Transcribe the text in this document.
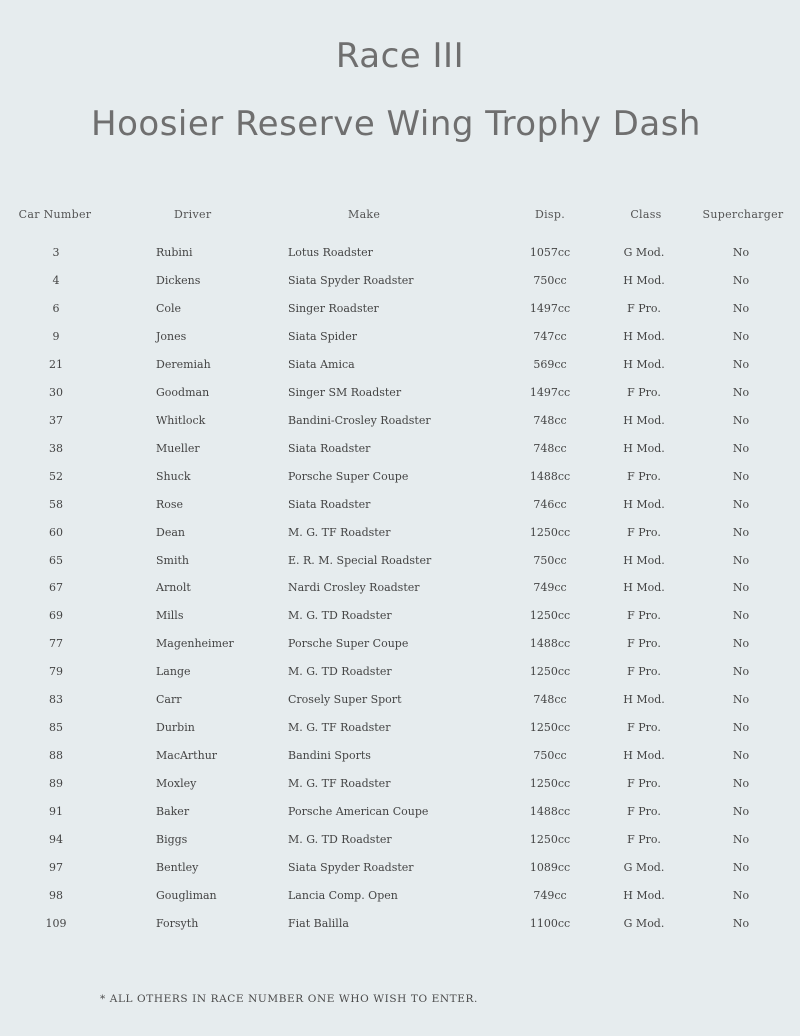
Race III
Hoosier Reserve Wing Trophy Dash
Car Number	Driver	Make	Disp.	Class	Supercharger
3	Rubini	Lotus Roadster	1057cc	G Mod.	No
4	Dickens	Siata Spyder Roadster	750cc	H Mod.	No
6	Cole	Singer Roadster	1497cc	F Pro.	No
9	Jones	Siata Spider	747cc	H Mod.	No
21	Deremiah	Siata Amica	569cc	H Mod.	No
30	Goodman	Singer SM Roadster	1497cc	F Pro.	No
37	Whitlock	Bandini-Crosley Roadster	748cc	H Mod.	No
38	Mueller	Siata Roadster	748cc	H Mod.	No
52	Shuck	Porsche Super Coupe	1488cc	F Pro.	No
58	Rose	Siata Roadster	746cc	H Mod.	No
60	Dean	M. G. TF Roadster	1250cc	F Pro.	No
65	Smith	E. R. M. Special Roadster	750cc	H Mod.	No
67	Arnolt	Nardi Crosley Roadster	749cc	H Mod.	No
69	Mills	M. G. TD Roadster	1250cc	F Pro.	No
77	Magenheimer	Porsche Super Coupe	1488cc	F Pro.	No
79	Lange	M. G. TD Roadster	1250cc	F Pro.	No
83	Carr	Crosely Super Sport	748cc	H Mod.	No
85	Durbin	M. G. TF Roadster	1250cc	F Pro.	No
88	MacArthur	Bandini Sports	750cc	H Mod.	No
89	Moxley	M. G. TF Roadster	1250cc	F Pro.	No
91	Baker	Porsche American Coupe	1488cc	F Pro.	No
94	Biggs	M. G. TD Roadster	1250cc	F Pro.	No
97	Bentley	Siata Spyder Roadster	1089cc	G Mod.	No
98	Gougliman	Lancia Comp. Open	749cc	H Mod.	No
109	Forsyth	Fiat Balilla	1100cc	G Mod.	No
* ALL OTHERS IN RACE NUMBER ONE WHO WISH TO ENTER.
